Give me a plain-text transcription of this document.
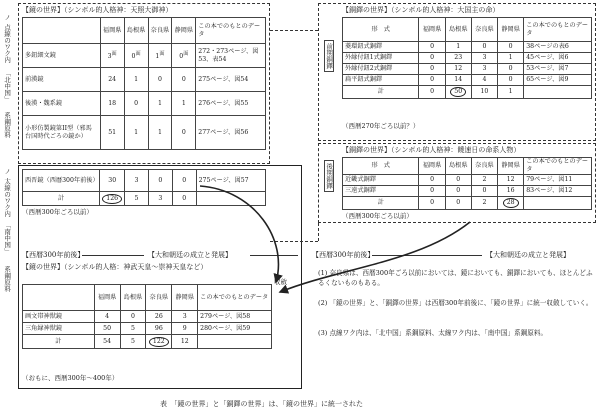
ノ
点線のワク内
「北中国」
系鋼原料
ノ
太線のワク内
「南中国」
系鋼原料
【鏡の世界】（シンボル的人格神：天照大御神）
	福岡県	島根県	奈良県	静岡県	この本でのもとのデータ
多鈕細文鏡	$3^面$	$0^面$	$1^面$	$0^面$	272・273ページ、図53、表54
前漢鏡	24	1	0	0	275ページ、図54
後漢・魏系鏡	18	0	1	1	276ページ、図55
小形仿製鏡第II型（邪馬台国時代ごろの鏡か）	51	1	1	0	277ページ、図56
西晋鏡（西暦300年前後）	30	3	0	0	275ページ、図57
計	126	5	3	0	
（西暦300年ごろ以前）
【銅鐸の世界】（シンボル的人格神：大国主の命）
前期銅鐸
形　式	福岡県	島根県	奈良県	静岡県	この本でのもとのデータ
菱環鈕式銅鐸	0	1	0	0	38ページの表6
外縁付鈕1式銅鐸	0	23	3	1	45ページ、図6
外縁付鈕2式銅鐸	0	12	3	0	53ページ、図7
扁平鈕式銅鐸	0	14	4	0	65ページ、図9
計	0	50	10	1	
（西暦270年ごろ以前？）
【銅鐸の世界】（シンボル的人格神：饒速日の命系人物）
後期銅鐸	形　式	福岡県	島根県	奈良県	静岡県	この本でのもとのデータ
近畿式銅鐸	0	0	2	12	79ページ、図11
三遠式銅鐸	0	0	0	16	83ページ、図12
計	0	0	2	28	
（西暦300年ごろ以前）
【西暦300年前後】	【大和朝廷の成立と発展】	【西暦300年前後】	【大和朝廷の成立と発展】
【鏡の世界】（シンボル的人格：神武天皇〜崇神天皇など）
収斂
	福岡県	島根県	奈良県	静岡県	この本でのもとのデータ
画文帯神獣鏡	4	0	26	3	279ページ、図58
三角縁神獣鏡	50	5	96	9	280ページ、図59
計	54	5	122	12	
（おもに、西暦300年〜400年）
(1) 奈良県は、西暦300年ごろ以前においては、鏡においても、銅鐸においても、ほとんどふるくないものもある。
(2) 「鏡の世界」と、「銅鐸の世界」は西暦300年前後に、「鏡の世界」に統一収斂していく。
(3) 点線ワク内は、「北中国」系鋼原料、太線ワク内は、「南中国」系鋼原料。
表　「鏡の世界」と「銅鐸の世界」は、「鏡の世界」に統一された
